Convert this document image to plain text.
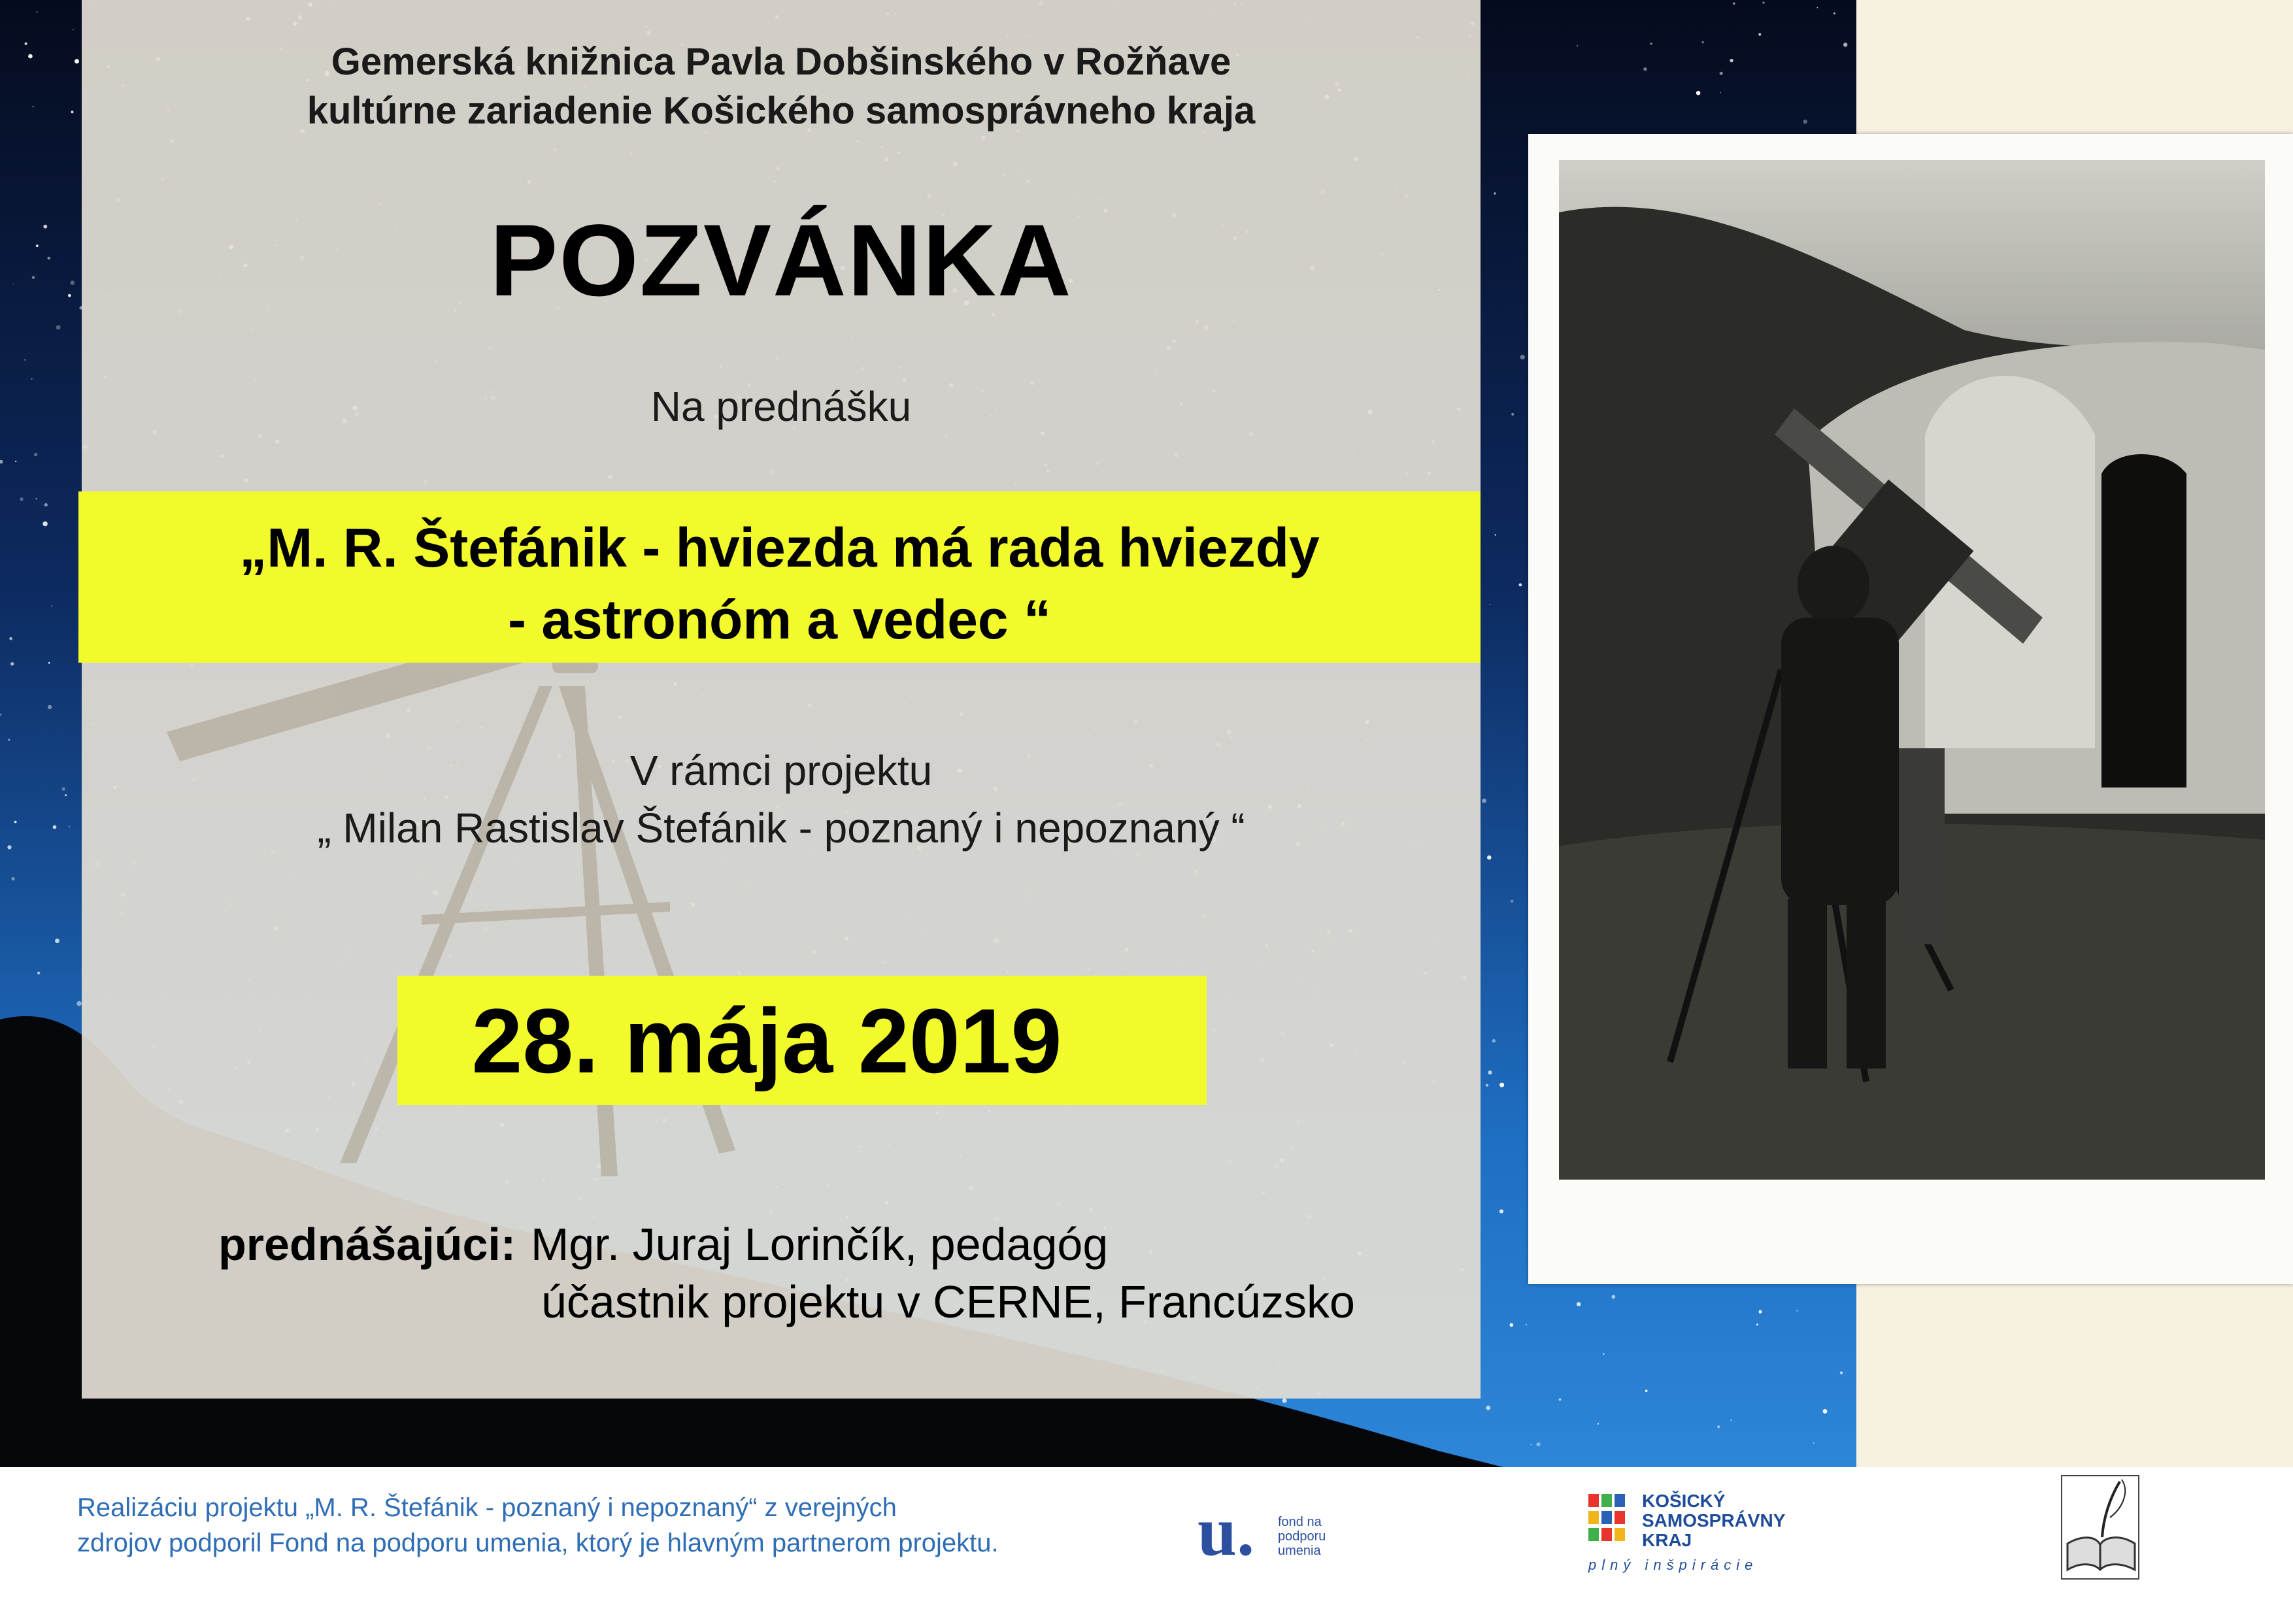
Gemerská knižnica Pavla Dobšinského v Rožňave
kultúrne zariadenie Košického samosprávneho kraja
POZVÁNKA
Na prednášku
„M. R. Štefánik - hviezda má rada hviezdy
- astronóm a vedec “
V rámci projektu
„ Milan Rastislav Štefánik - poznaný i nepoznaný “
28. mája 2019
prednášajúci: Mgr. Juraj Lorinčík, pedagóg
účastnik projektu v CERNE, Francúzsko
Realizáciu projektu „M. R. Štefánik - poznaný i nepoznaný“ z verejných
zdrojov podporil Fond na podporu umenia, ktorý je hlavným partnerom projektu.	u. fond na podporu umenia
KOŠICKÝ
SAMOSPRÁVNY
KRAJ
plný inšpirácie
